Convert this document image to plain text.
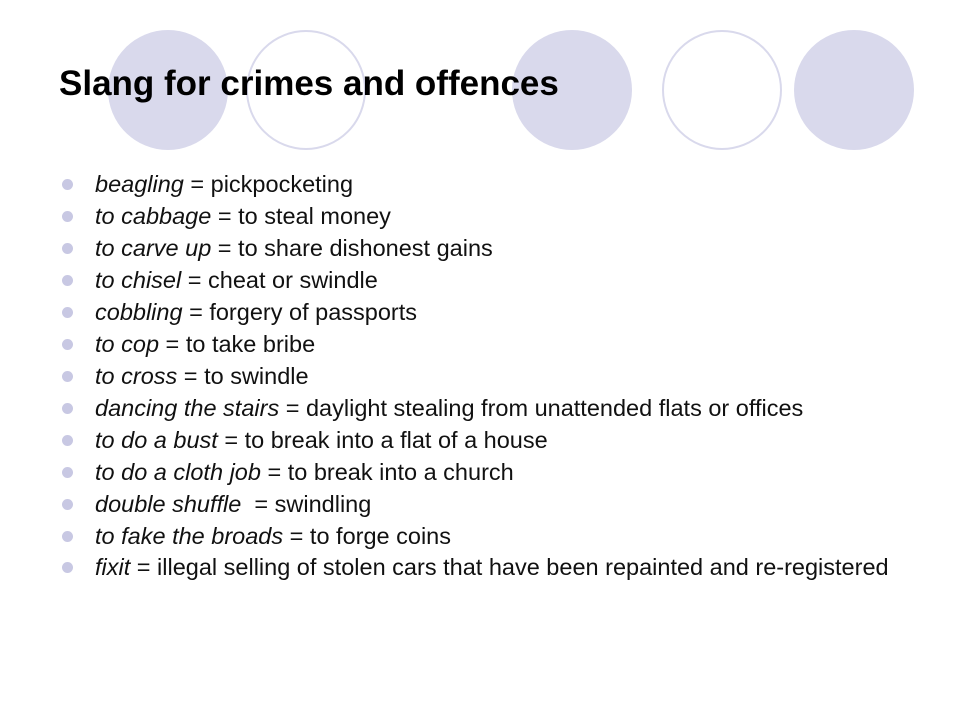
Slang for crimes and offences
beagling = pickpocketing
to cabbage = to steal money
to carve up = to share dishonest gains
to chisel = cheat or swindle
cobbling = forgery of passports
to cop = to take bribe
to cross = to swindle
dancing the stairs = daylight stealing from unattended flats or offices
to do a bust = to break into a flat of a house
to do a cloth job = to break into a church
double shuffle  = swindling
to fake the broads = to forge coins
fixit = illegal selling of stolen cars that have been repainted and re-registered
